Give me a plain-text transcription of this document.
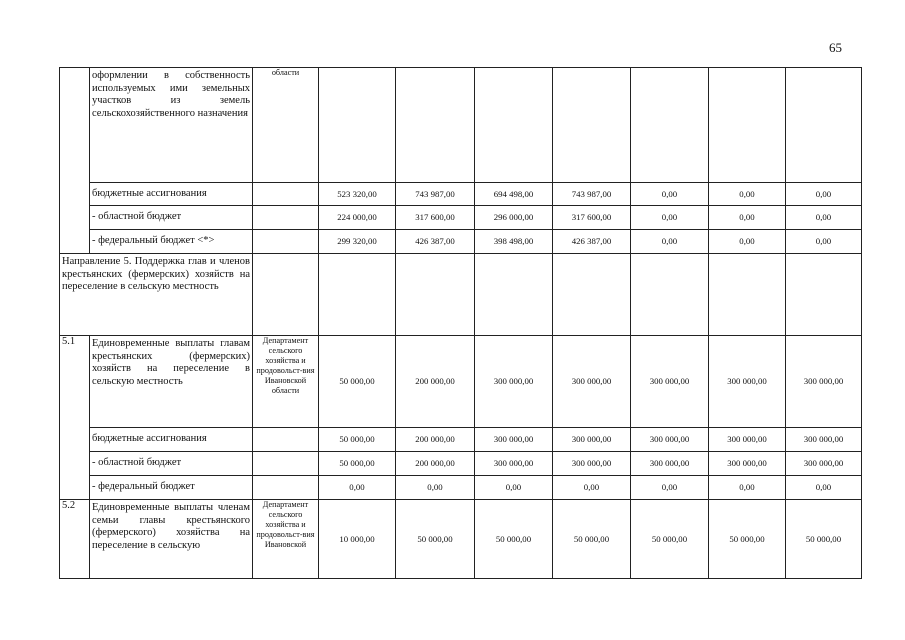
65
	оформлении в собственность используемых ими земельных участков из земель сельскохозяйственного назначения	области							
	бюджетные ассигнования		523 320,00	743 987,00	694 498,00	743 987,00	0,00	0,00	0,00
	- областной бюджет		224 000,00	317 600,00	296 000,00	317 600,00	0,00	0,00	0,00
	- федеральный бюджет <*>		299 320,00	426 387,00	398 498,00	426 387,00	0,00	0,00	0,00
Направление 5. Поддержка глав и членов крестьянских (фермерских) хозяйств на переселение в сельскую местность									
5.1	Единовременные выплаты главам крестьянских (фермерских) хозяйств на переселение в сельскую местность	Департамент сельского хозяйства и продовольст-вия Ивановской области	50 000,00	200 000,00	300 000,00	300 000,00	300 000,00	300 000,00	300 000,00
	бюджетные ассигнования		50 000,00	200 000,00	300 000,00	300 000,00	300 000,00	300 000,00	300 000,00
	- областной бюджет		50 000,00	200 000,00	300 000,00	300 000,00	300 000,00	300 000,00	300 000,00
	- федеральный бюджет		0,00	0,00	0,00	0,00	0,00	0,00	0,00
5.2	Единовременные выплаты членам семьи главы крестьянского (фермерского) хозяйства на переселение в сельскую	Департамент сельского хозяйства и продовольст-вия Ивановской	10 000,00	50 000,00	50 000,00	50 000,00	50 000,00	50 000,00	50 000,00
